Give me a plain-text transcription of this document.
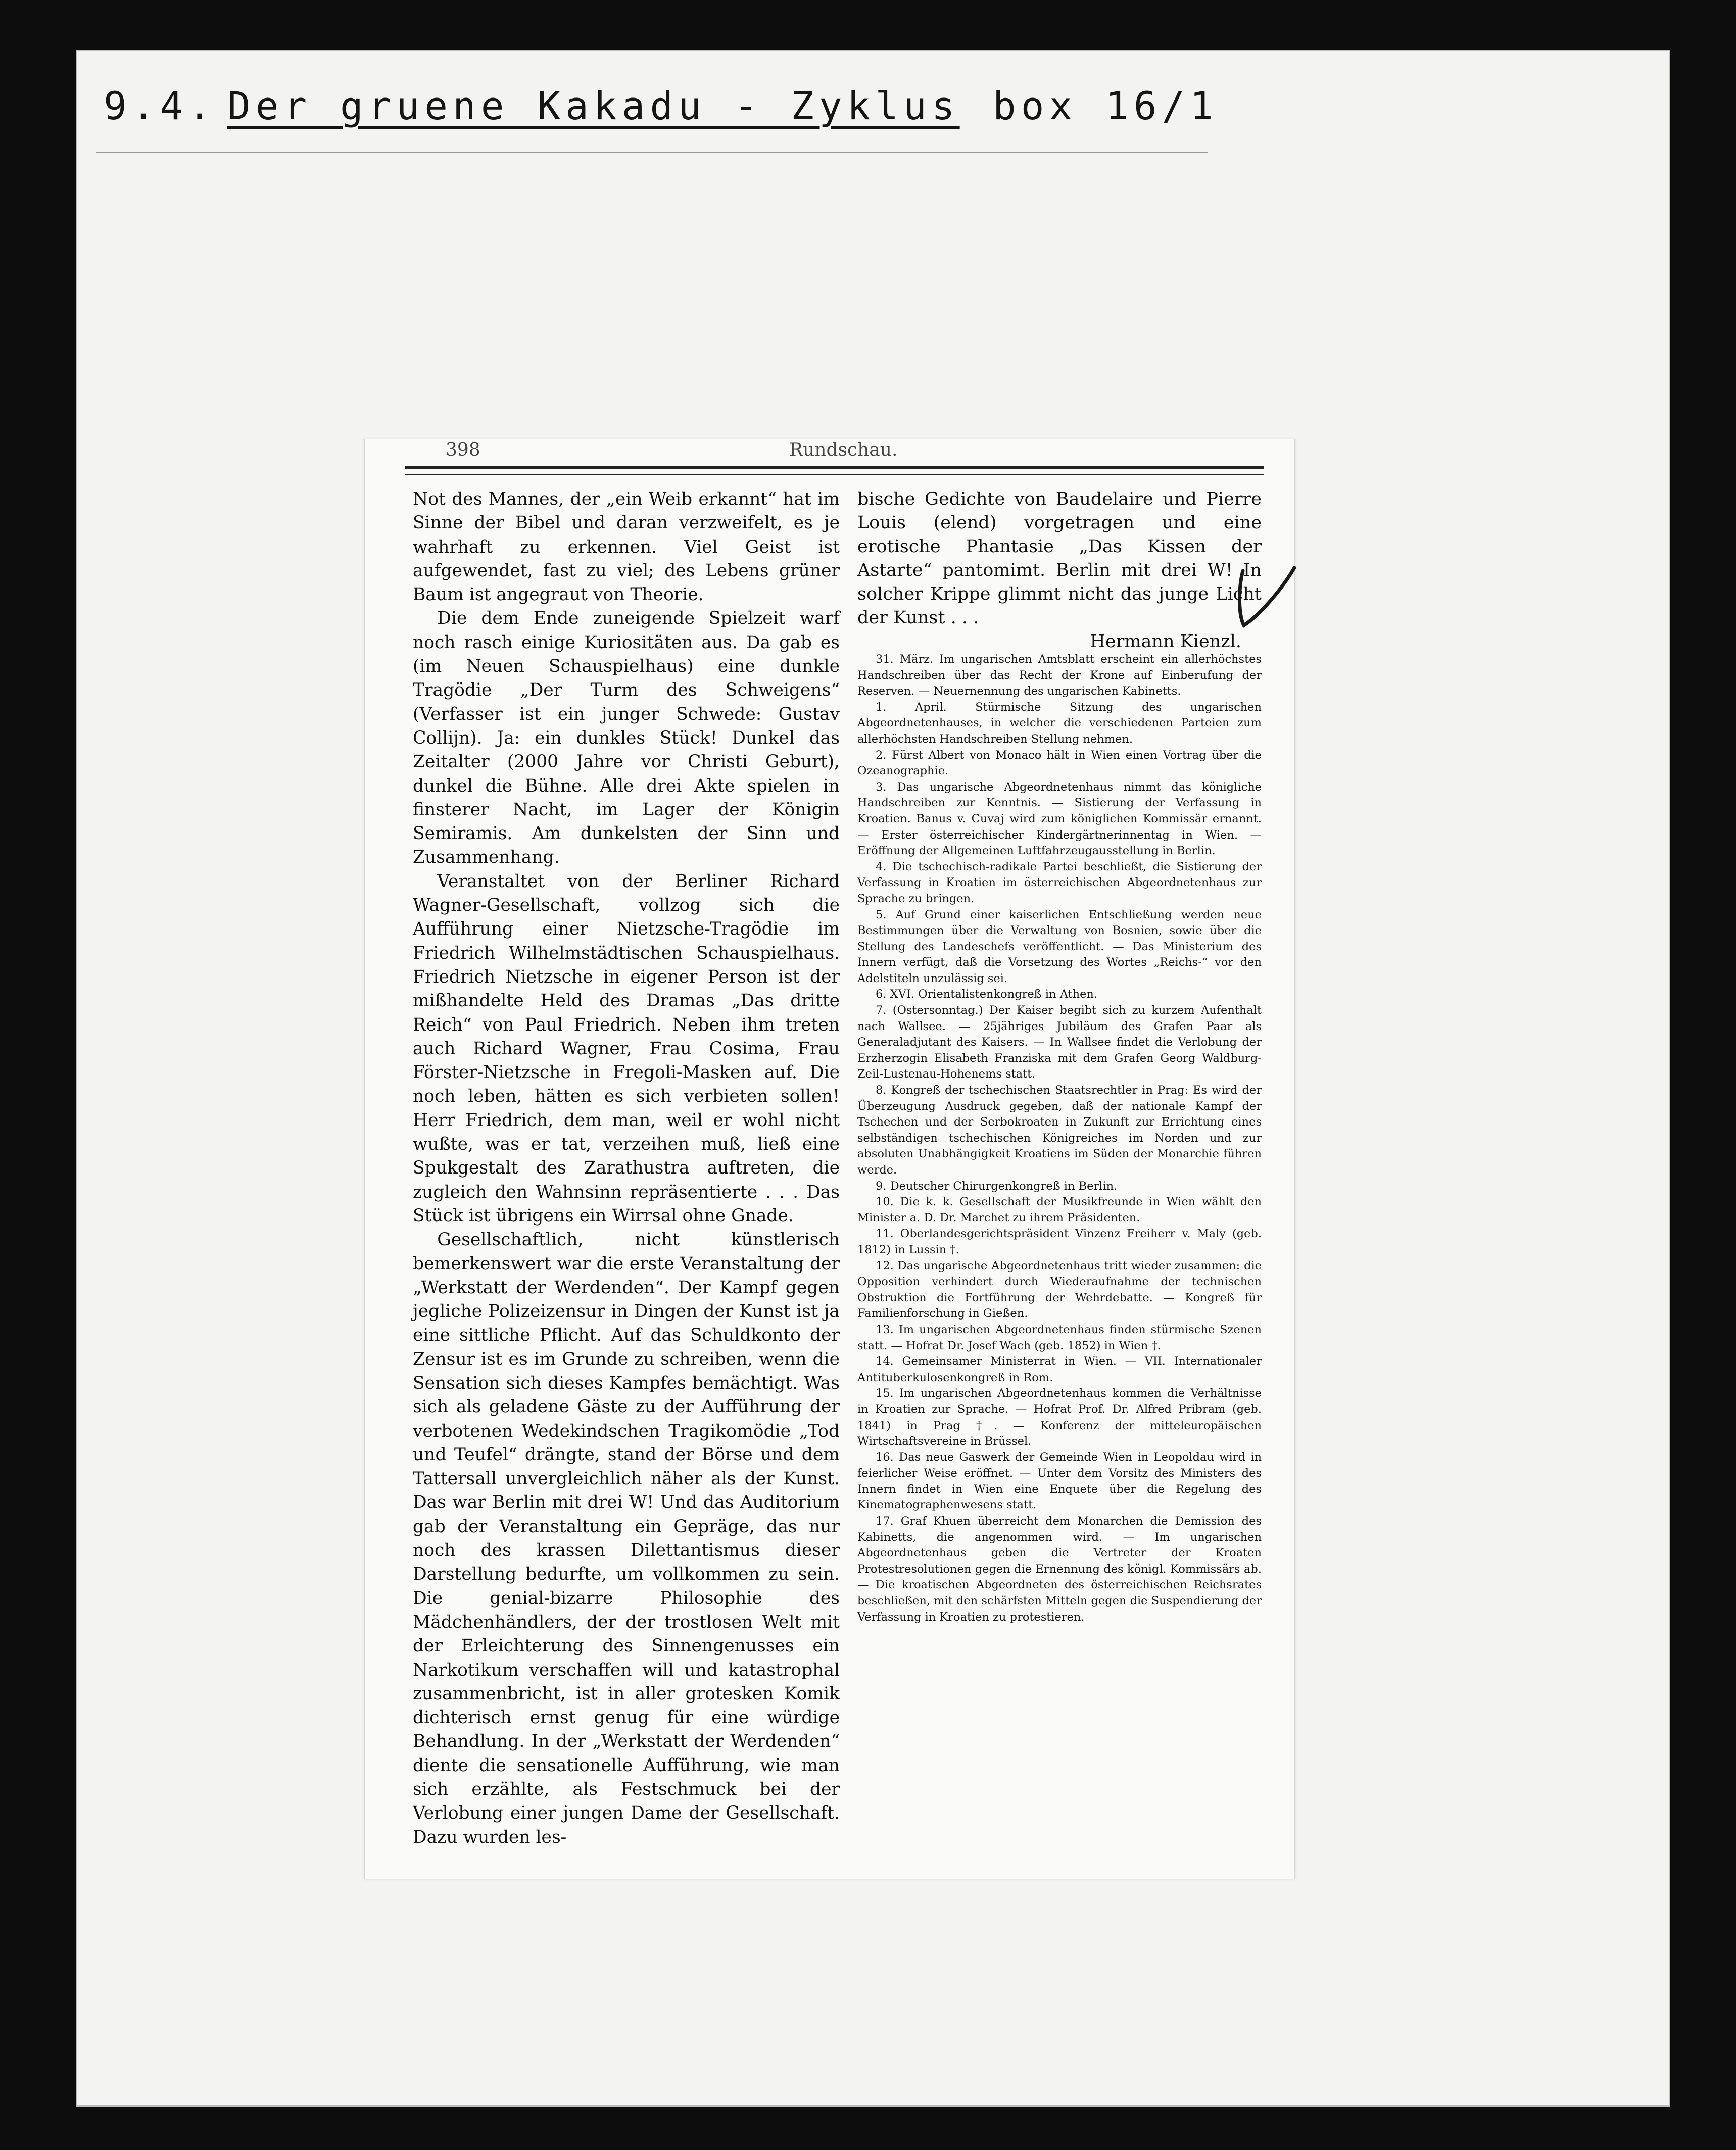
9.4. Der gruene Kakadu - Zyklus box 16/1
398	Rundschau.

Not des Mannes, der „ein Weib erkannt“ hat im Sinne der Bibel und daran verzweifelt, es je wahrhaft zu erkennen. Viel Geist ist aufgewendet, fast zu viel; des Lebens grüner Baum ist angegraut von Theorie.

Die dem Ende zuneigende Spielzeit warf noch rasch einige Kuriositäten aus. Da gab es (im Neuen Schauspielhaus) eine dunkle Tragödie „Der Turm des Schweigens“ (Verfasser ist ein junger Schwede: Gustav Collijn). Ja: ein dunkles Stück! Dunkel das Zeitalter (2000 Jahre vor Christi Geburt), dunkel die Bühne. Alle drei Akte spielen in finsterer Nacht, im Lager der Königin Semiramis. Am dunkelsten der Sinn und Zusammenhang.

Veranstaltet von der Berliner Richard Wagner-Gesellschaft, vollzog sich die Aufführung einer Nietzsche-Tragödie im Friedrich Wilhelmstädtischen Schauspielhaus. Friedrich Nietzsche in eigener Person ist der mißhandelte Held des Dramas „Das dritte Reich“ von Paul Friedrich. Neben ihm treten auch Richard Wagner, Frau Cosima, Frau Förster-Nietzsche in Fregoli-Masken auf. Die noch leben, hätten es sich verbieten sollen! Herr Friedrich, dem man, weil er wohl nicht wußte, was er tat, verzeihen muß, ließ eine Spukgestalt des Zarathustra auftreten, die zugleich den Wahnsinn repräsentierte . . . Das Stück ist übrigens ein Wirrsal ohne Gnade.

Gesellschaftlich, nicht künstlerisch bemerkenswert war die erste Veranstaltung der „Werkstatt der Werdenden“. Der Kampf gegen jegliche Polizeizensur in Dingen der Kunst ist ja eine sittliche Pflicht. Auf das Schuldkonto der Zensur ist es im Grunde zu schreiben, wenn die Sensation sich dieses Kampfes bemächtigt. Was sich als geladene Gäste zu der Aufführung der verbotenen Wedekindschen Tragikomödie „Tod und Teufel“ drängte, stand der Börse und dem Tattersall unvergleichlich näher als der Kunst. Das war Berlin mit drei W! Und das Auditorium gab der Veranstaltung ein Gepräge, das nur noch des krassen Dilettantismus dieser Darstellung bedurfte, um vollkommen zu sein. Die genial-bizarre Philosophie des Mädchenhändlers, der der trostlosen Welt mit der Erleichterung des Sinnengenusses ein Narkotikum verschaffen will und katastrophal zusammenbricht, ist in aller grotesken Komik dichterisch ernst genug für eine würdige Behandlung. In der „Werkstatt der Werdenden“ diente die sensationelle Aufführung, wie man sich erzählte, als Festschmuck bei der Verlobung einer jungen Dame der Gesellschaft. Dazu wurden les-

bische Gedichte von Baudelaire und Pierre Louis (elend) vorgetragen und eine erotische Phantasie „Das Kissen der Astarte“ pantomimt. Berlin mit drei W! In solcher Krippe glimmt nicht das junge Licht der Kunst . . .

Hermann Kienzl.

31. März. Im ungarischen Amtsblatt erscheint ein allerhöchstes Handschreiben über das Recht der Krone auf Einberufung der Reserven. — Neuernennung des ungarischen Kabinetts.

1. April. Stürmische Sitzung des ungarischen Abgeordnetenhauses, in welcher die verschiedenen Parteien zum allerhöchsten Handschreiben Stellung nehmen.

2. Fürst Albert von Monaco hält in Wien einen Vortrag über die Ozeanographie.

3. Das ungarische Abgeordnetenhaus nimmt das königliche Handschreiben zur Kenntnis. — Sistierung der Verfassung in Kroatien. Banus v. Cuvaj wird zum königlichen Kommissär ernannt. — Erster österreichischer Kindergärtnerinnentag in Wien. — Eröffnung der Allgemeinen Luftfahrzeugausstellung in Berlin.

4. Die tschechisch-radikale Partei beschließt, die Sistierung der Verfassung in Kroatien im österreichischen Abgeordnetenhaus zur Sprache zu bringen.

5. Auf Grund einer kaiserlichen Entschließung werden neue Bestimmungen über die Verwaltung von Bosnien, sowie über die Stellung des Landeschefs veröffentlicht. — Das Ministerium des Innern verfügt, daß die Vorsetzung des Wortes „Reichs-“ vor den Adelstiteln unzulässig sei.

6. XVI. Orientalistenkongreß in Athen.

7. (Ostersonntag.) Der Kaiser begibt sich zu kurzem Aufenthalt nach Wallsee. — 25jähriges Jubiläum des Grafen Paar als Generaladjutant des Kaisers. — In Wallsee findet die Verlobung der Erzherzogin Elisabeth Franziska mit dem Grafen Georg Waldburg-Zeil-Lustenau-Hohenems statt.

8. Kongreß der tschechischen Staatsrechtler in Prag: Es wird der Überzeugung Ausdruck gegeben, daß der nationale Kampf der Tschechen und der Serbokroaten in Zukunft zur Errichtung eines selbständigen tschechischen Königreiches im Norden und zur absoluten Unabhängigkeit Kroatiens im Süden der Monarchie führen werde.

9. Deutscher Chirurgenkongreß in Berlin.

10. Die k. k. Gesellschaft der Musikfreunde in Wien wählt den Minister a. D. Dr. Marchet zu ihrem Präsidenten.

11. Oberlandesgerichtspräsident Vinzenz Freiherr v. Maly (geb. 1812) in Lussin †.

12. Das ungarische Abgeordnetenhaus tritt wieder zusammen: die Opposition verhindert durch Wiederaufnahme der technischen Obstruktion die Fortführung der Wehrdebatte. — Kongreß für Familienforschung in Gießen.

13. Im ungarischen Abgeordnetenhaus finden stürmische Szenen statt. — Hofrat Dr. Josef Wach (geb. 1852) in Wien †.

14. Gemeinsamer Ministerrat in Wien. — VII. Internationaler Antituberkulosenkongreß in Rom.

15. Im ungarischen Abgeordnetenhaus kommen die Verhältnisse in Kroatien zur Sprache. — Hofrat Prof. Dr. Alfred Pribram (geb. 1841) in Prag †. — Konferenz der mitteleuropäischen Wirtschaftsvereine in Brüssel.

16. Das neue Gaswerk der Gemeinde Wien in Leopoldau wird in feierlicher Weise eröffnet. — Unter dem Vorsitz des Ministers des Innern findet in Wien eine Enquete über die Regelung des Kinematographenwesens statt.

17. Graf Khuen überreicht dem Monarchen die Demission des Kabinetts, die angenommen wird. — Im ungarischen Abgeordnetenhaus geben die Vertreter der Kroaten Protestresolutionen gegen die Ernennung des königl. Kommissärs ab. — Die kroatischen Abgeordneten des österreichischen Reichsrates beschließen, mit den schärfsten Mitteln gegen die Suspendierung der Verfassung in Kroatien zu protestieren.
